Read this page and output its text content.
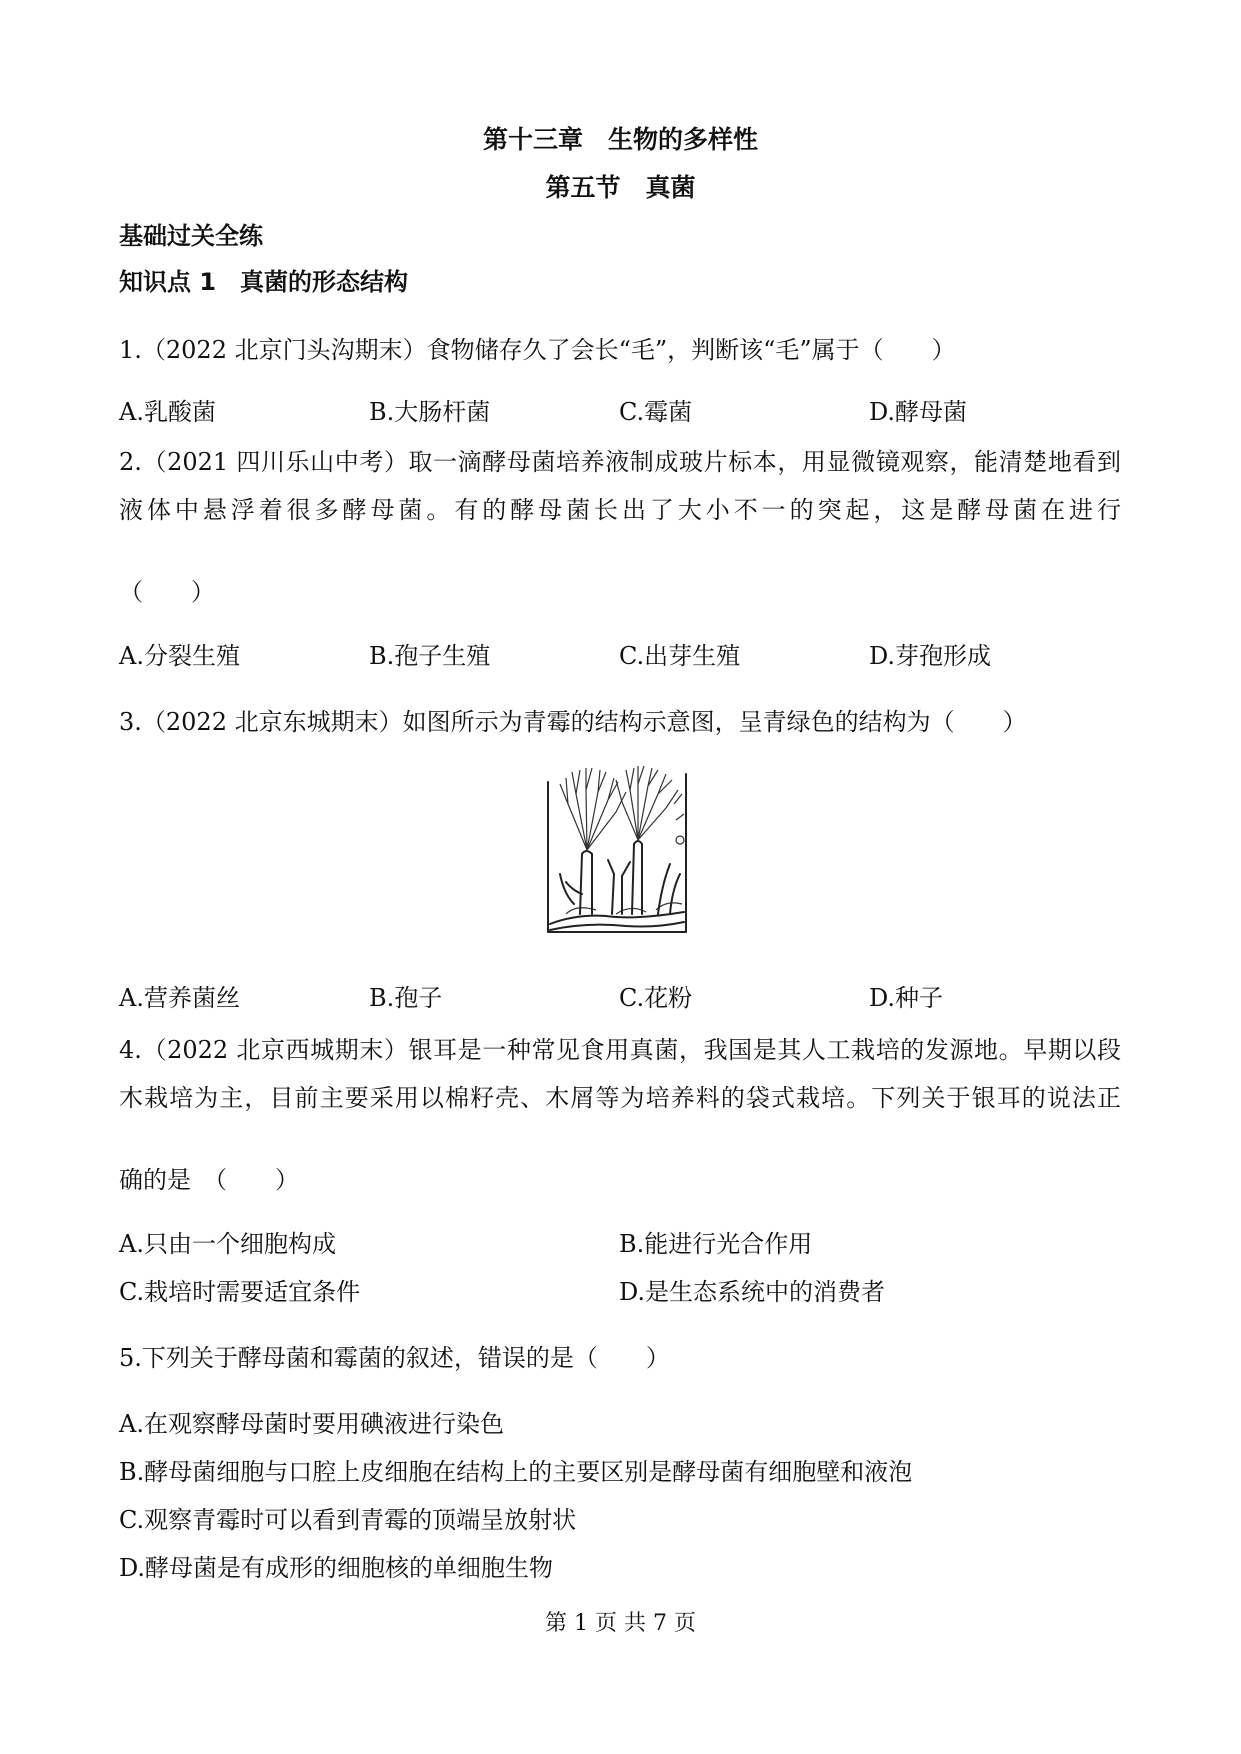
第十三章　生物的多样性
第五节　真菌
基础过关全练
知识点 1　真菌的形态结构
1.（2022 北京门头沟期末）食物储存久了会长“毛”，判断该“毛”属于（　　）
A.乳酸菌	B.大肠杆菌	C.霉菌	D.酵母菌
2.（2021 四川乐山中考）取一滴酵母菌培养液制成玻片标本，用显微镜观察，能清楚地看到
液体中悬浮着很多酵母菌。有的酵母菌长出了大小不一的突起，这是酵母菌在进行
（　　）
A.分裂生殖	B.孢子生殖	C.出芽生殖	D.芽孢形成
3.（2022 北京东城期末）如图所示为青霉的结构示意图，呈青绿色的结构为（　　）
A.营养菌丝	B.孢子	C.花粉	D.种子
4.（2022 北京西城期末）银耳是一种常见食用真菌，我国是其人工栽培的发源地。早期以段
木栽培为主，目前主要采用以棉籽壳、木屑等为培养料的袋式栽培。下列关于银耳的说法正
确的是　（　　）
A.只由一个细胞构成	B.能进行光合作用
C.栽培时需要适宜条件	D.是生态系统中的消费者
5.下列关于酵母菌和霉菌的叙述，错误的是（　　）
A.在观察酵母菌时要用碘液进行染色
B.酵母菌细胞与口腔上皮细胞在结构上的主要区别是酵母菌有细胞壁和液泡
C.观察青霉时可以看到青霉的顶端呈放射状
D.酵母菌是有成形的细胞核的单细胞生物
第 1 页 共 7 页
